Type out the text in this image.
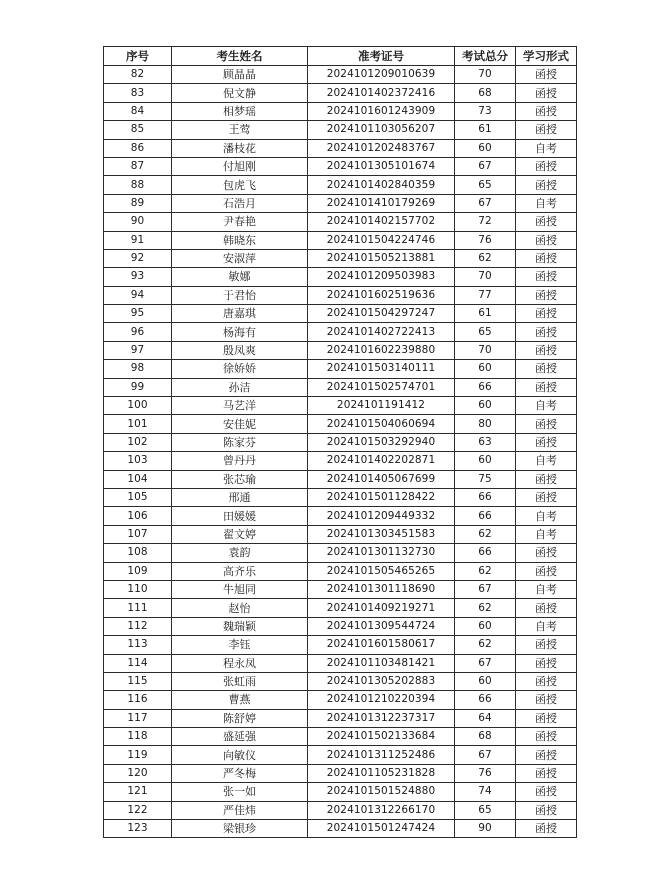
序号	考生姓名	准考证号	考试总分	学习形式
82	顾晶晶	2024101209010639	70	函授
83	倪文静	2024101402372416	68	函授
84	相梦瑶	2024101601243909	73	函授
85	王莺	2024101103056207	61	函授
86	潘枝花	2024101202483767	60	自考
87	付旭刚	2024101305101674	67	函授
88	包虎飞	2024101402840359	65	函授
89	石浩月	2024101410179269	67	自考
90	尹春艳	2024101402157702	72	函授
91	韩晓东	2024101504224746	76	函授
92	安淑萍	2024101505213881	62	函授
93	敏娜	2024101209503983	70	函授
94	于君怡	2024101602519636	77	函授
95	唐嘉琪	2024101504297247	61	函授
96	杨海有	2024101402722413	65	函授
97	殷凤爽	2024101602239880	70	函授
98	徐娇娇	2024101503140111	60	函授
99	孙洁	2024101502574701	66	函授
100	马艺洋	2024101191412	60	自考
101	安佳妮	2024101504060694	80	函授
102	陈家芬	2024101503292940	63	函授
103	曾丹丹	2024101402202871	60	自考
104	张芯瑜	2024101405067699	75	函授
105	邢通	2024101501128422	66	函授
106	田媛媛	2024101209449332	66	自考
107	翟文婷	2024101303451583	62	自考
108	袁韵	2024101301132730	66	函授
109	高齐乐	2024101505465265	62	函授
110	牛旭同	2024101301118690	67	自考
111	赵怡	2024101409219271	62	函授
112	魏瑞颖	2024101309544724	60	自考
113	李钰	2024101601580617	62	函授
114	程永凤	2024101103481421	67	函授
115	张虹雨	2024101305202883	60	函授
116	曹燕	2024101210220394	66	函授
117	陈舒婷	2024101312237317	64	函授
118	盛延强	2024101502133684	68	函授
119	向敏仪	2024101311252486	67	函授
120	严冬梅	2024101105231828	76	函授
121	张一如	2024101501524880	74	函授
122	严佳炜	2024101312266170	65	函授
123	梁银珍	2024101501247424	90	函授
